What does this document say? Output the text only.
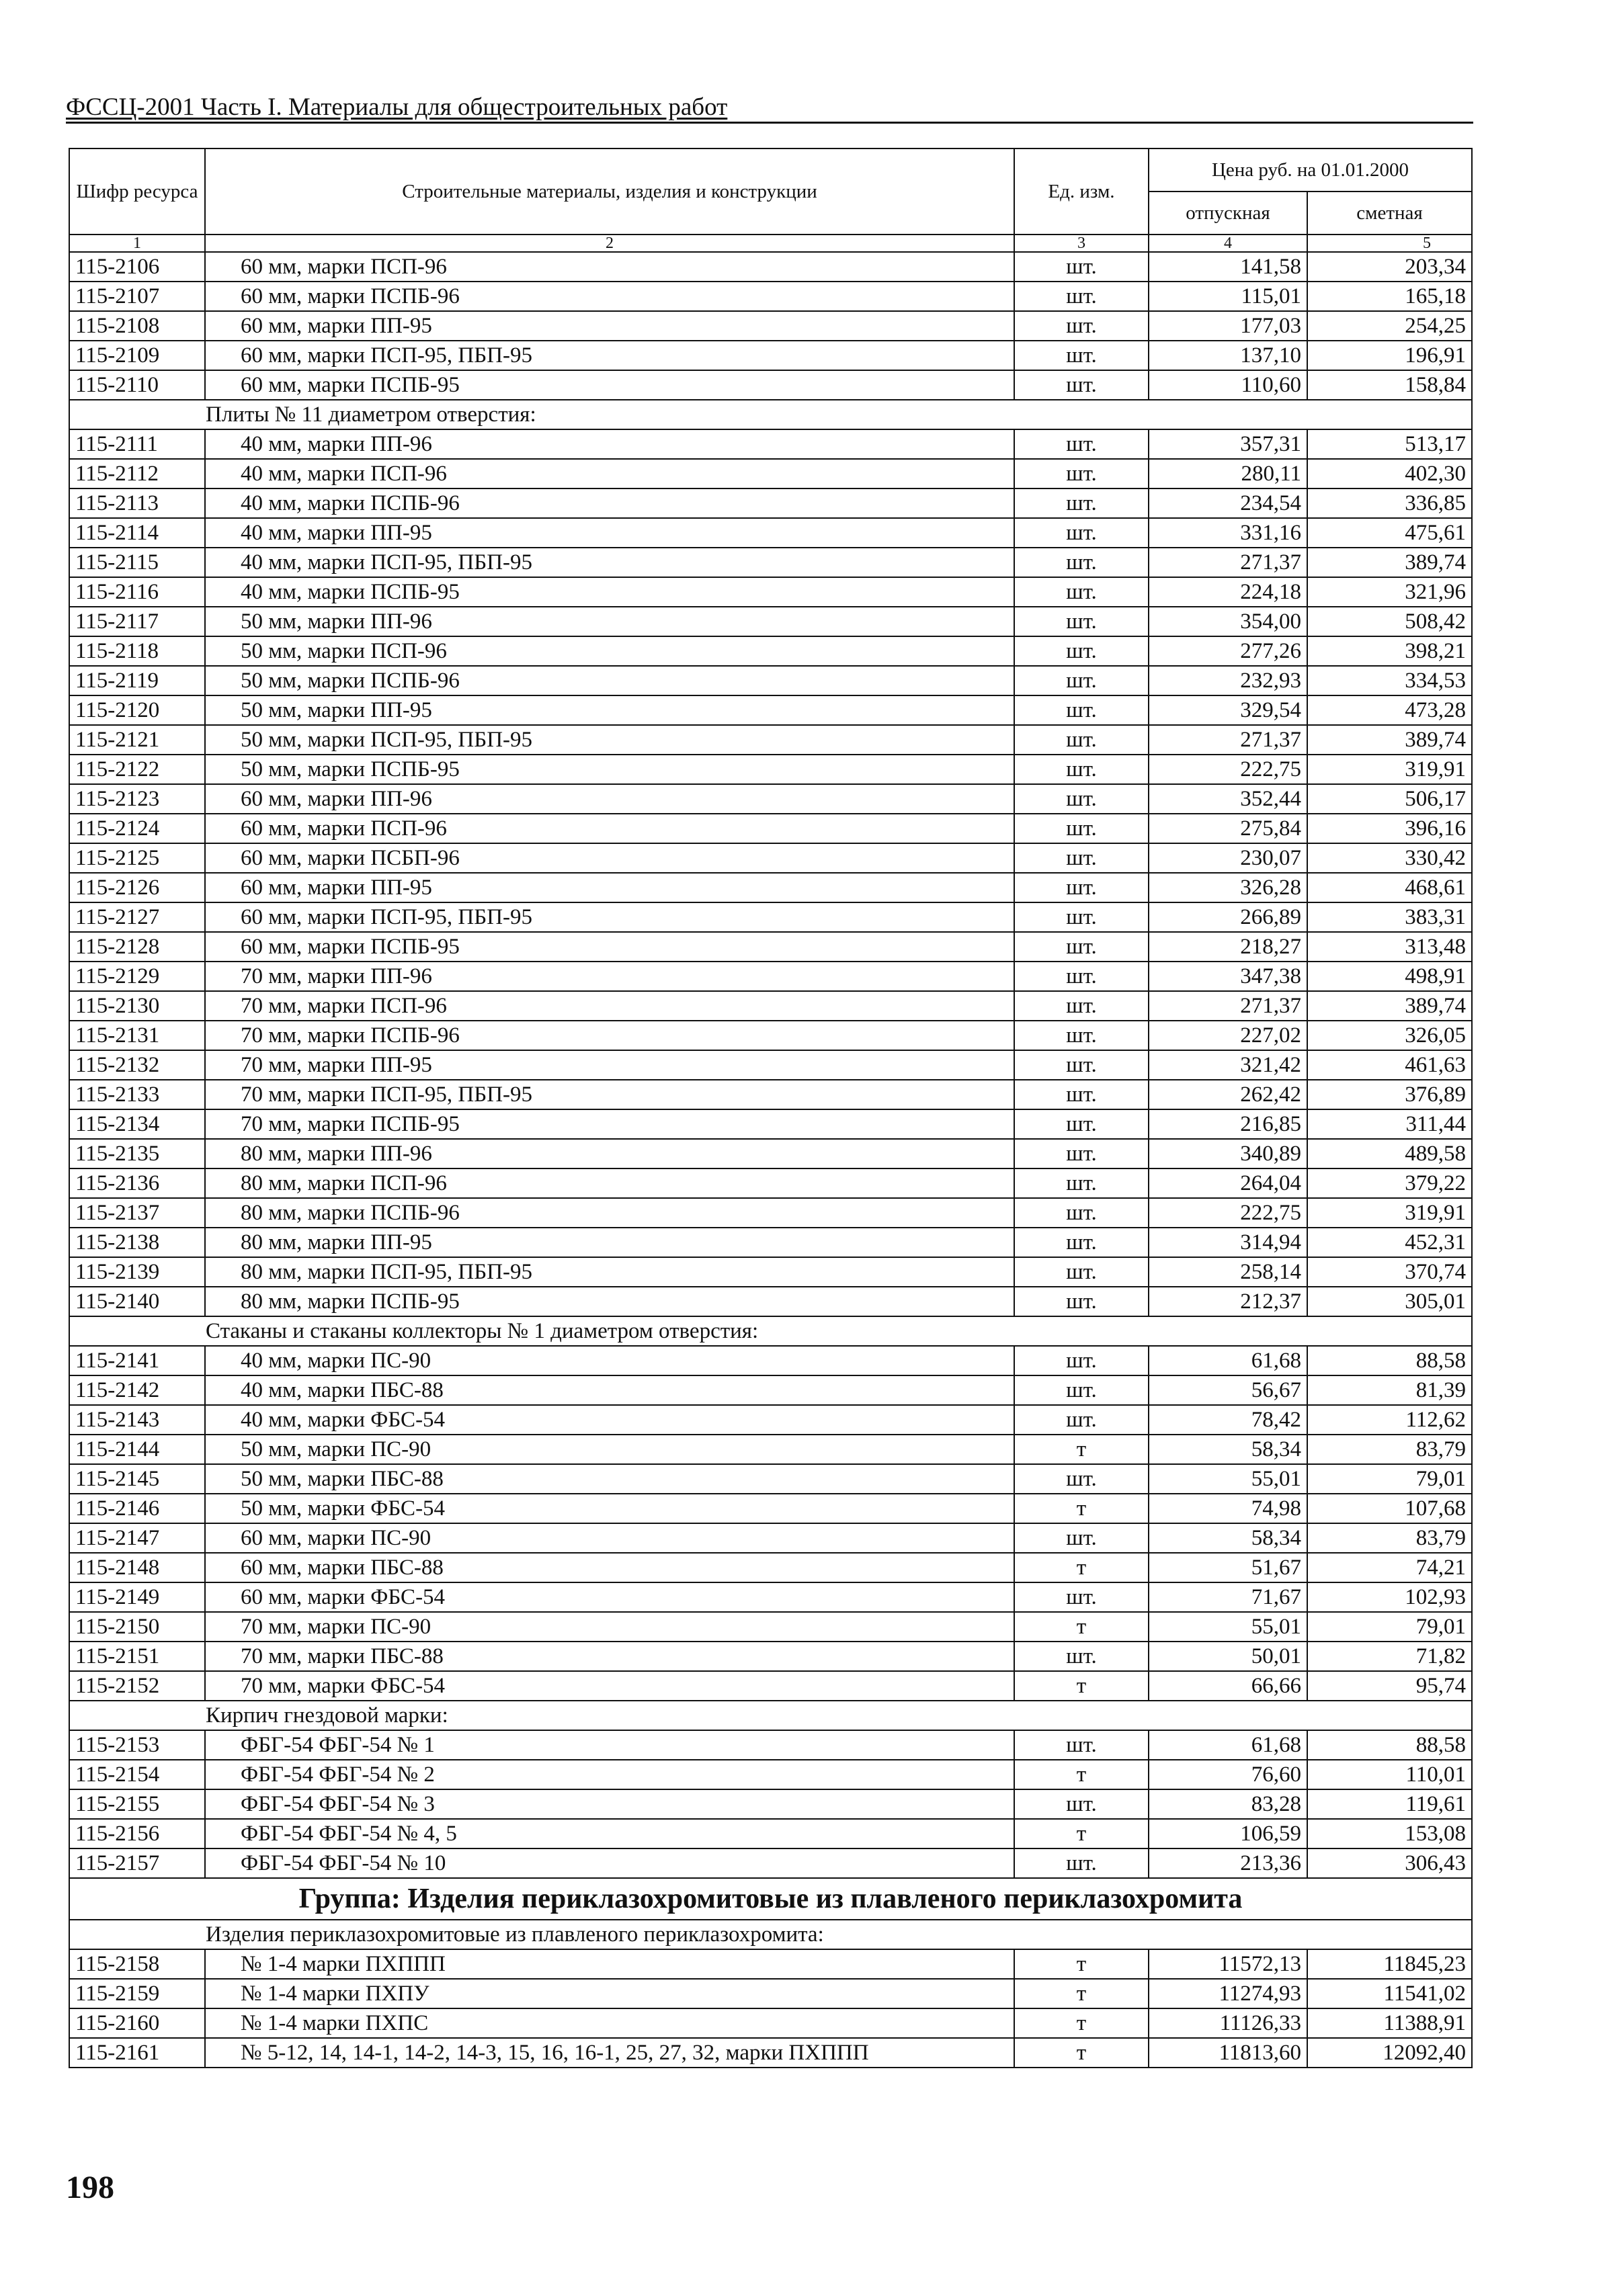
ФССЦ-2001 Часть I. Материалы для общестроительных работ
Шифр ресурса	Строительные материалы, изделия и конструкции	Ед. изм.	Цена руб. на 01.01.2000	
			отпускная	сметная
1	2	3	4	5
115-2106	60 мм, марки ПСП-96	шт.	141,58	203,34
115-2107	60 мм, марки ПСПБ-96	шт.	115,01	165,18
115-2108	60 мм, марки ПП-95	шт.	177,03	254,25
115-2109	60 мм, марки ПСП-95, ПБП-95	шт.	137,10	196,91
115-2110	60 мм, марки ПСПБ-95	шт.	110,60	158,84
Плиты № 11 диаметром отверстия:				
115-2111	40 мм, марки ПП-96	шт.	357,31	513,17
115-2112	40 мм, марки ПСП-96	шт.	280,11	402,30
115-2113	40 мм, марки ПСПБ-96	шт.	234,54	336,85
115-2114	40 мм, марки ПП-95	шт.	331,16	475,61
115-2115	40 мм, марки ПСП-95, ПБП-95	шт.	271,37	389,74
115-2116	40 мм, марки ПСПБ-95	шт.	224,18	321,96
115-2117	50 мм, марки ПП-96	шт.	354,00	508,42
115-2118	50 мм, марки ПСП-96	шт.	277,26	398,21
115-2119	50 мм, марки ПСПБ-96	шт.	232,93	334,53
115-2120	50 мм, марки ПП-95	шт.	329,54	473,28
115-2121	50 мм, марки ПСП-95, ПБП-95	шт.	271,37	389,74
115-2122	50 мм, марки ПСПБ-95	шт.	222,75	319,91
115-2123	60 мм, марки ПП-96	шт.	352,44	506,17
115-2124	60 мм, марки ПСП-96	шт.	275,84	396,16
115-2125	60 мм, марки ПСБП-96	шт.	230,07	330,42
115-2126	60 мм, марки ПП-95	шт.	326,28	468,61
115-2127	60 мм, марки ПСП-95, ПБП-95	шт.	266,89	383,31
115-2128	60 мм, марки ПСПБ-95	шт.	218,27	313,48
115-2129	70 мм, марки ПП-96	шт.	347,38	498,91
115-2130	70 мм, марки ПСП-96	шт.	271,37	389,74
115-2131	70 мм, марки ПСПБ-96	шт.	227,02	326,05
115-2132	70 мм, марки ПП-95	шт.	321,42	461,63
115-2133	70 мм, марки ПСП-95, ПБП-95	шт.	262,42	376,89
115-2134	70 мм, марки ПСПБ-95	шт.	216,85	311,44
115-2135	80 мм, марки ПП-96	шт.	340,89	489,58
115-2136	80 мм, марки ПСП-96	шт.	264,04	379,22
115-2137	80 мм, марки ПСПБ-96	шт.	222,75	319,91
115-2138	80 мм, марки ПП-95	шт.	314,94	452,31
115-2139	80 мм, марки ПСП-95, ПБП-95	шт.	258,14	370,74
115-2140	80 мм, марки ПСПБ-95	шт.	212,37	305,01
Стаканы и стаканы коллекторы № 1 диаметром отверстия:				
115-2141	40 мм, марки ПС-90	шт.	61,68	88,58
115-2142	40 мм, марки ПБС-88	шт.	56,67	81,39
115-2143	40 мм, марки ФБС-54	шт.	78,42	112,62
115-2144	50 мм, марки ПС-90	т	58,34	83,79
115-2145	50 мм, марки ПБС-88	шт.	55,01	79,01
115-2146	50 мм, марки ФБС-54	т	74,98	107,68
115-2147	60 мм, марки ПС-90	шт.	58,34	83,79
115-2148	60 мм, марки ПБС-88	т	51,67	74,21
115-2149	60 мм, марки ФБС-54	шт.	71,67	102,93
115-2150	70 мм, марки ПС-90	т	55,01	79,01
115-2151	70 мм, марки ПБС-88	шт.	50,01	71,82
115-2152	70 мм, марки ФБС-54	т	66,66	95,74
Кирпич гнездовой марки:				
115-2153	ФБГ-54 ФБГ-54 № 1	шт.	61,68	88,58
115-2154	ФБГ-54 ФБГ-54 № 2	т	76,60	110,01
115-2155	ФБГ-54 ФБГ-54 № 3	шт.	83,28	119,61
115-2156	ФБГ-54 ФБГ-54 № 4, 5	т	106,59	153,08
115-2157	ФБГ-54 ФБГ-54 № 10	шт.	213,36	306,43
Группа: Изделия периклазохромитовые из плавленого периклазохромита				
Изделия периклазохромитовые из плавленого периклазохромита:				
115-2158	№ 1-4 марки ПХППП	т	11572,13	11845,23
115-2159	№ 1-4 марки ПХПУ	т	11274,93	11541,02
115-2160	№ 1-4 марки ПХПС	т	11126,33	11388,91
115-2161	№ 5-12, 14, 14-1, 14-2, 14-3, 15, 16, 16-1, 25, 27, 32, марки ПХППП	т	11813,60	12092,40
198
